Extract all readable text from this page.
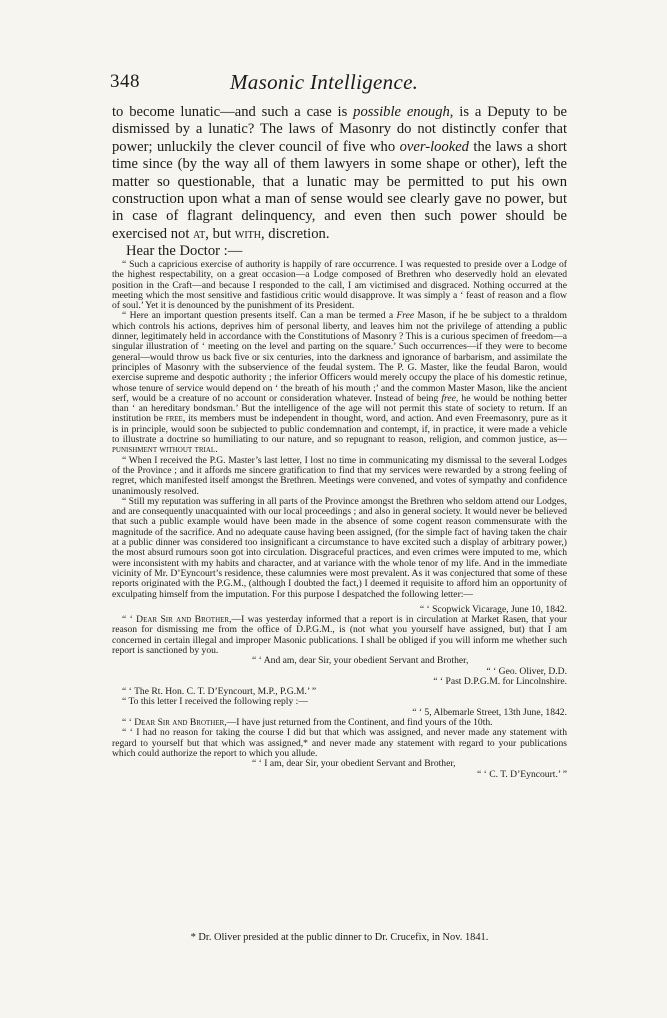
348	Masonic Intelligence.

to become lunatic—and such a case is possible enough, is a Deputy to be dismissed by a lunatic? The laws of Masonry do not distinctly confer that power; unluckily the clever council of five who over-looked the laws a short time since (by the way all of them lawyers in some shape or other), left the matter so questionable, that a lunatic may be permitted to put his own construction upon what a man of sense would see clearly gave no power, but in case of flagrant delinquency, and even then such power should be exercised not at, but with, discretion.

Hear the Doctor :—

“ Such a capricious exercise of authority is happily of rare occurrence. I was requested to preside over a Lodge of the highest respectability, on a great occasion—a Lodge composed of Brethren who deservedly hold an elevated position in the Craft—and because I responded to the call, I am victimised and disgraced. Nothing occurred at the meeting which the most sensitive and fastidious critic would disapprove. It was simply a ‘ feast of reason and a flow of soul.’ Yet it is denounced by the punishment of its President.

“ Here an important question presents itself. Can a man be termed a Free Mason, if he be subject to a thraldom which controls his actions, deprives him of personal liberty, and leaves him not the privilege of attending a public dinner, legitimately held in accordance with the Constitutions of Masonry ? This is a curious specimen of freedom—a singular illustration of ‘ meeting on the level and parting on the square.’ Such occurrences—if they were to become general—would throw us back five or six centuries, into the darkness and ignorance of barbarism, and assimilate the principles of Masonry with the subservience of the feudal system. The P. G. Master, like the feudal Baron, would exercise supreme and despotic authority ; the inferior Officers would merely occupy the place of his domestic retinue, whose tenure of service would depend on ‘ the breath of his mouth ;’ and the common Master Mason, like the ancient serf, would be a creature of no account or consideration whatever. Instead of being free, he would be nothing better than ‘ an hereditary bondsman.’ But the intelligence of the age will not permit this state of society to return. If an institution be free, its members must be independent in thought, word, and action. And even Freemasonry, pure as it is in principle, would soon be subjected to public condemnation and contempt, if, in practice, it were made a vehicle to illustrate a doctrine so humiliating to our nature, and so repugnant to reason, religion, and common justice, as—punishment without trial.

“ When I received the P.G. Master’s last letter, I lost no time in communicating my dismissal to the several Lodges of the Province ; and it affords me sincere gratification to find that my services were rewarded by a strong feeling of regret, which manifested itself amongst the Brethren. Meetings were convened, and votes of sympathy and confidence unanimously resolved.

“ Still my reputation was suffering in all parts of the Province amongst the Brethren who seldom attend our Lodges, and are consequently unacquainted with our local proceedings ; and also in general society. It would never be believed that such a public example would have been made in the absence of some cogent reason commensurate with the magnitude of the sacrifice. And no adequate cause having been assigned, (for the simple fact of having taken the chair at a public dinner was considered too insignificant a circumstance to have excited such a display of arbitrary power,) the most absurd rumours soon got into circulation. Disgraceful practices, and even crimes were imputed to me, which were inconsistent with my habits and character, and at variance with the whole tenor of my life. And in the immediate vicinity of Mr. D’Eyncourt’s residence, these calumnies were most prevalent. As it was conjectured that some of these reports originated with the P.G.M., (although I doubted the fact,) I deemed it requisite to afford him an opportunity of exculpating himself from the imputation. For this purpose I despatched the following letter:—

“ ‘ Scopwick Vicarage, June 10, 1842.

“ ‘ Dear Sir and Brother,—I was yesterday informed that a report is in circulation at Market Rasen, that your reason for dismissing me from the office of D.P.G.M., is (not what you yourself have assigned, but) that I am concerned in certain illegal and improper Masonic publications. I shall be obliged if you will inform me whether such report is sanctioned by you.

“ ‘ And am, dear Sir, your obedient Servant and Brother,

“ ‘ Geo. Oliver, D.D.

“ ‘ Past D.P.G.M. for Lincolnshire.

“ ‘ The Rt. Hon. C. T. D’Eyncourt, M.P., P.G.M.’ ”

“ To this letter I received the following reply :—

“ ‘ 5, Albemarle Street, 13th June, 1842.

“ ‘ Dear Sir and Brother,—I have just returned from the Continent, and find yours of the 10th.

“ ‘ I had no reason for taking the course I did but that which was assigned, and never made any statement with regard to yourself but that which was assigned,* and never made any statement with regard to your publications which could authorize the report to which you allude.

“ ‘ I am, dear Sir, your obedient Servant and Brother,

“ ‘ C. T. D’Eyncourt.’ ”

* Dr. Oliver presided at the public dinner to Dr. Crucefix, in Nov. 1841.
